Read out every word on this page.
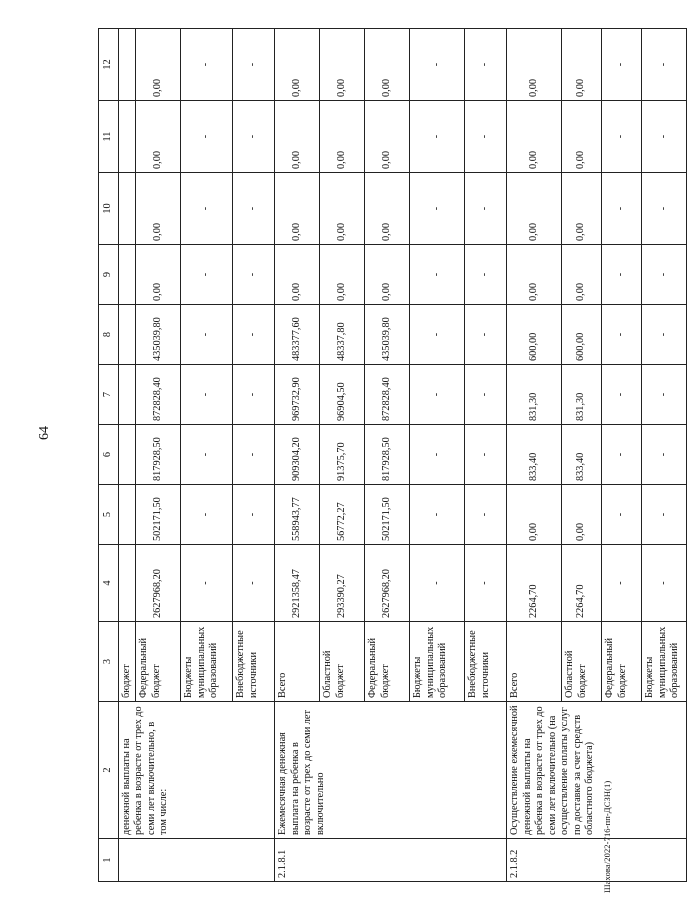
64
Шахова/2022-716-пп-ДСЗН(1)
1	2	3	4	5	6	7	8	9	10	11	12
	денежной выплаты на ребенка в возрасте от трех до семи лет включительно, в том числе:	бюджет									
		Федеральный бюджет	2627968,20	502171,50	817928,50	872828,40	435039,80	0,00	0,00	0,00	0,00
		Бюджеты муниципальных образований	-	-	-	-	-	-	-	-	-
		Внебюджетные источники	-	-	-	-	-	-	-	-	-
2.1.8.1	Ежемесячная денежная выплата на ребенка в возрасте от трех до семи лет включительно	Всего	2921358,47	558943,77	909304,20	969732,90	483377,60	0,00	0,00	0,00	0,00
		Областной бюджет	293390,27	56772,27	91375,70	96904,50	48337,80	0,00	0,00	0,00	0,00
		Федеральный бюджет	2627968,20	502171,50	817928,50	872828,40	435039,80	0,00	0,00	0,00	0,00
		Бюджеты муниципальных образований	-	-	-	-	-	-	-	-	-
		Внебюджетные источники	-	-	-	-	-	-	-	-	-
2.1.8.2	Осуществление ежемесячной денежной выплаты на ребенка в возрасте от трех до семи лет включительно (на осуществление оплаты услуг по доставке за счет средств областного бюджета)	Всего	2264,70	0,00	833,40	831,30	600,00	0,00	0,00	0,00	0,00
		Областной бюджет	2264,70	0,00	833,40	831,30	600,00	0,00	0,00	0,00	0,00
		Федеральный бюджет	-	-	-	-	-	-	-	-	-
		Бюджеты муниципальных образований	-	-	-	-	-	-	-	-	-
